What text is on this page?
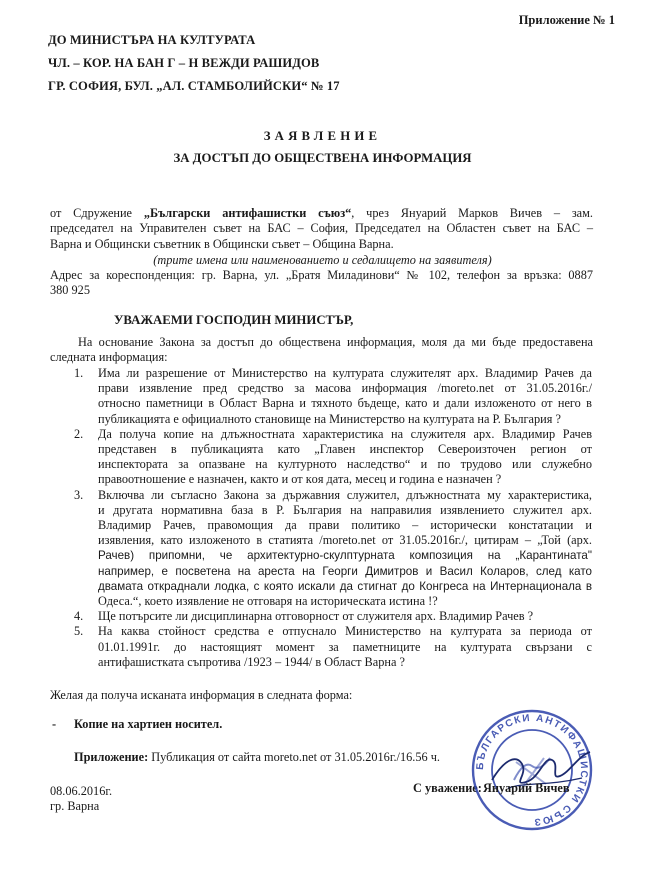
Приложение № 1
ДО МИНИСТЪРА НА КУЛТУРАТА
ЧЛ. – КОР. НА БАН Г – Н ВЕЖДИ РАШИДОВ
ГР. СОФИЯ, БУЛ. „АЛ. СТАМБОЛИЙСКИ“ № 17
ЗАЯВЛЕНИЕ
ЗА ДОСТЪП ДО ОБЩЕСТВЕНА ИНФОРМАЦИЯ
от Сдружение „Български антифашистки съюз“, чрез Януарий Марков Вичев – зам.
председател на Управителен съвет на БАС – София, Председател на Областен съвет на БАС –
Варна и Общински съветник в Общински съвет – Община Варна.
(трите имена или наименованието и седалището на заявителя)
Адрес за кореспонденция: гр. Варна, ул. „Братя Миладинови“ № 102, телефон за връзка: 0887
380 925
УВАЖАЕМИ ГОСПОДИН МИНИСТЪР,
На основание Закона за достъп до обществена информация, моля да ми бъде предоставена
следната информация:
1. Има ли разрешение от Министерство на културата служителят арх. Владимир Рачев да
прави изявление пред средство за масова информация /moreto.net от 31.05.2016г./
относно паметници в Област Варна и тяхното бъдеще, като и дали изложеното от него в
публикацията е официалното становище на Министерство на културата на Р. България ?
2. Да получа копие на длъжностната характеристика на служителя арх. Владимир Рачев
представен в публикацията като „Главен инспектор Североизточен регион от
инспекторатa за опазване на културното наследство“ и по трудово или служебно
правоотношение е назначен, както и от кoя дата, месец и година е назначен ?
3. Включва ли съгласно Закона за държавния служител, длъжностната му характеристика,
и другата нормативна база в Р. България на направилия изявлението служител арх.
Владимир Рачев, правомощия да прави политико – исторически констатации и
изявления, като изложеното в статията /moreto.net от 31.05.2016г./, цитирам – „Той (арх.
Рачев) припомни, че архитектурно-скулптурната композиция на „Карантината"
например, е посветена на ареста на Георги Димитров и Васил Коларов, след като
двамата откраднали лодка, с която искали да стигнат до Конгреса на Интернационала в
Одеса.“, което изявление не отговаря на историческата истина !?
4. Ще потърсите ли дисциплинарна отговорност от служителя арх. Владимир Рачев ?
5. На каква стойност средства е отпуснало Министерство на културата за периода от
01.01.1991г. до настоящият момент за паметниците на културата свързани с
антифашистката съпротива /1923 – 1944/ в Област Варна ?
Желая да получа исканата информация в следната форма:
- Копие на хартиен носител.
Приложение: Публикация от сайта moreto.net от 31.05.2016г./16.56 ч.
08.06.2016г.
гр. Варна
С уважение:
БЪЛГАРСКИ АНТИФАШИСТКИ СЪЮЗ
Януарий Вичев
